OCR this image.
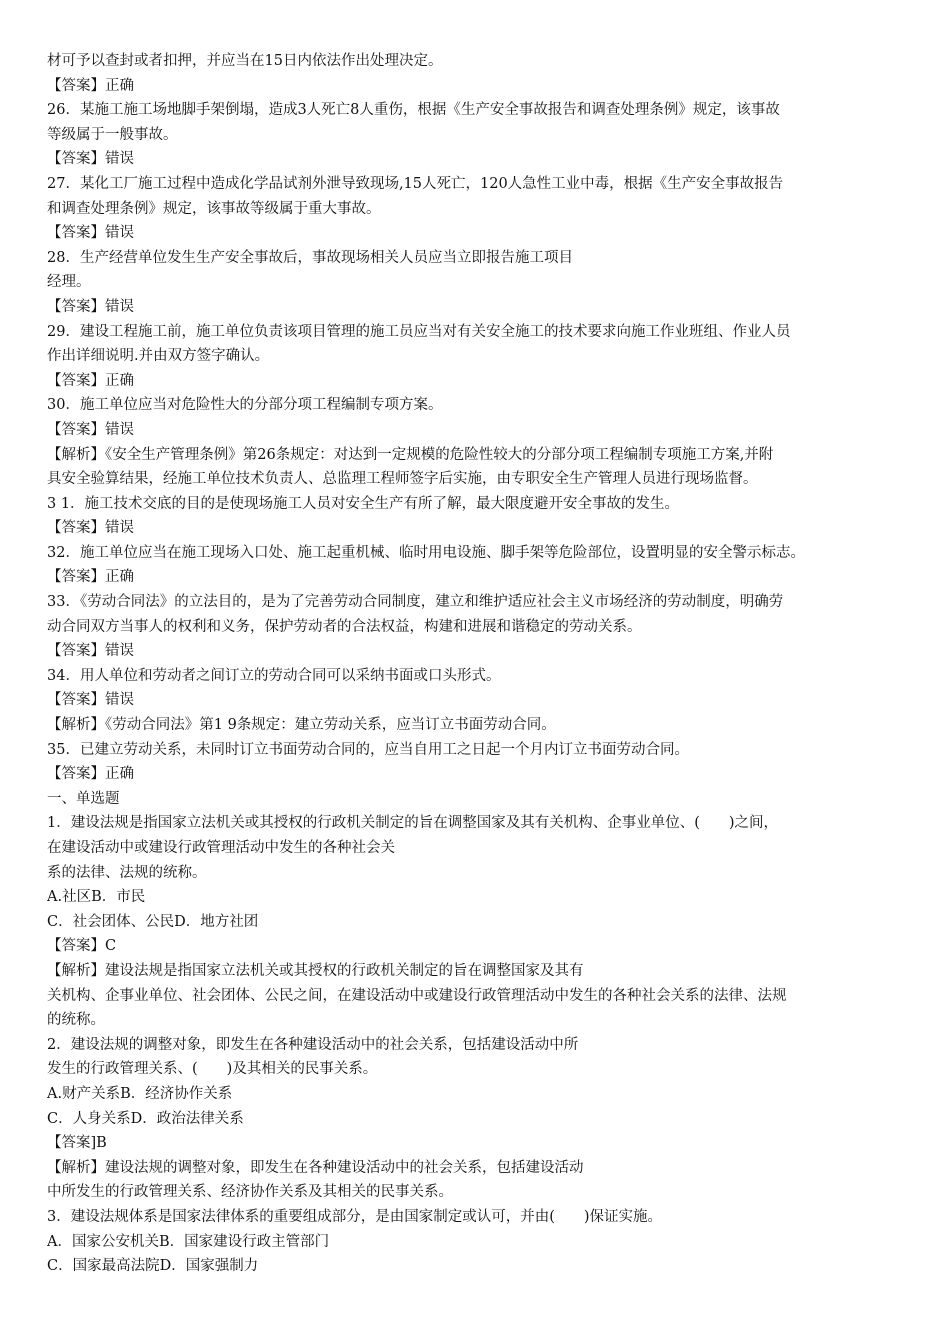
材可予以查封或者扣押，并应当在15日内依法作出处理决定。
【答案】正确
26．某施工施工场地脚手架倒塌，造成3人死亡8人重伤，根据《生产安全事故报告和调查处理条例》规定，该事故
等级属于一般事故。
【答案】错误
27．某化工厂施工过程中造成化学品试剂外泄导致现场,15人死亡，120人急性工业中毒，根据《生产安全事故报告
和调查处理条例》规定，该事故等级属于重大事故。
【答案】错误
28．生产经营单位发生生产安全事故后，事故现场相关人员应当立即报告施工项目
经理。
【答案】错误
29．建设工程施工前，施工单位负责该项目管理的施工员应当对有关安全施工的技术要求向施工作业班组、作业人员
作出详细说明.并由双方签字确认。
【答案】正确
30．施工单位应当对危险性大的分部分项工程编制专项方案。
【答案】错误
【解析】《安全生产管理条例》第26条规定：对达到一定规模的危险性较大的分部分项工程编制专项施工方案,并附
具安全验算结果，经施工单位技术负责人、总监理工程师签字后实施，由专职安全生产管理人员进行现场监督。
3 1．施工技术交底的目的是使现场施工人员对安全生产有所了解，最大限度避开安全事故的发生。
【答案】错误
32．施工单位应当在施工现场入口处、施工起重机械、临时用电设施、脚手架等危险部位，设置明显的安全警示标志。
【答案】正确
33．《劳动合同法》的立法目的，是为了完善劳动合同制度，建立和维护适应社会主义市场经济的劳动制度，明确劳
动合同双方当事人的权利和义务，保护劳动者的合法权益，构建和进展和谐稳定的劳动关系。
【答案】错误
34．用人单位和劳动者之间订立的劳动合同可以采纳书面或口头形式。
【答案】错误
【解析】《劳动合同法》第1 9条规定：建立劳动关系，应当订立书面劳动合同。
35．已建立劳动关系，未同时订立书面劳动合同的，应当自用工之日起一个月内订立书面劳动合同。
【答案】正确
一、单选题
1．建设法规是指国家立法机关或其授权的行政机关制定的旨在调整国家及其有关机构、企事业单位、(　　)之间，
在建设活动中或建设行政管理活动中发生的各种社会关
系的法律、法规的统称。
A.社区B．市民
C．社会团体、公民D．地方社团
【答案】C
【解析】建设法规是指国家立法机关或其授权的行政机关制定的旨在调整国家及其有
关机构、企事业单位、社会团体、公民之间，在建设活动中或建设行政管理活动中发生的各种社会关系的法律、法规
的统称。
2．建设法规的调整对象，即发生在各种建设活动中的社会关系，包括建设活动中所
发生的行政管理关系、(　　)及其相关的民事关系。
A.财产关系B．经济协作关系
C．人身关系D．政治法律关系
【答案]B
【解析】建设法规的调整对象，即发生在各种建设活动中的社会关系，包括建设活动
中所发生的行政管理关系、经济协作关系及其相关的民事关系。
3．建设法规体系是国家法律体系的重要组成部分，是由国家制定或认可，并由(　　)保证实施。
A．国家公安机关B．国家建设行政主管部门
C．国家最高法院D．国家强制力
